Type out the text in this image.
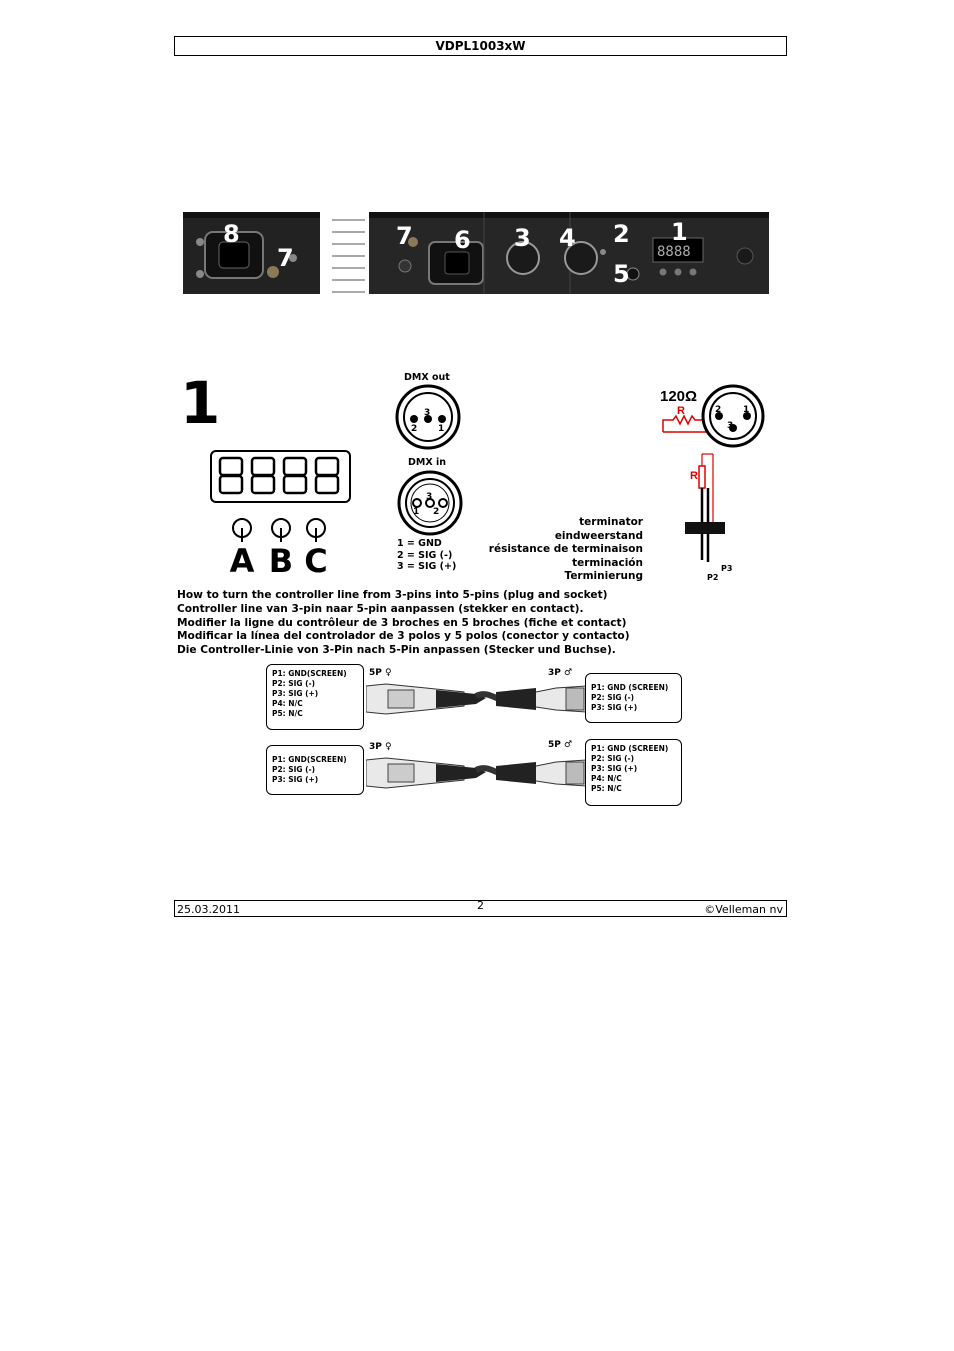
VDPL1003xW
8888
8
7
7 6 3 4 2 1
5
1
A B C
DMX out
3
2 1
DMX in
3
1 2
1 = GND
2 = SIG (-)
3 = SIG (+)
terminator
eindweerstand
résistance de terminaison
terminación
Terminierung
120Ω
R	2 1
3
R
P3
P2
How to turn the controller line from 3-pins into 5-pins (plug and socket)
Controller line van 3-pin naar 5-pin aanpassen (stekker en contact).
Modifier la ligne du contrôleur de 3 broches en 5 broches (fiche et contact)
Modificar la línea del controlador de 3 polos y 5 polos (conector y contacto)
Die Controller-Linie von 3-Pin nach 5-Pin anpassen (Stecker und Buchse).
P1: GND(SCREEN)
P2: SIG (-)
P3: SIG (+)
P4: N/C
P5: N/C
5P ♀	3P ♂
P1: GND (SCREEN)
P2: SIG (-)
P3: SIG (+)
P1: GND(SCREEN)
P2: SIG (-)
P3: SIG (+)
3P ♀	5P ♂ P1: GND (SCREEN)
P2: SIG (-)
P3: SIG (+)
P4: N/C
P5: N/C
25.03.2011	2	©Velleman nv
